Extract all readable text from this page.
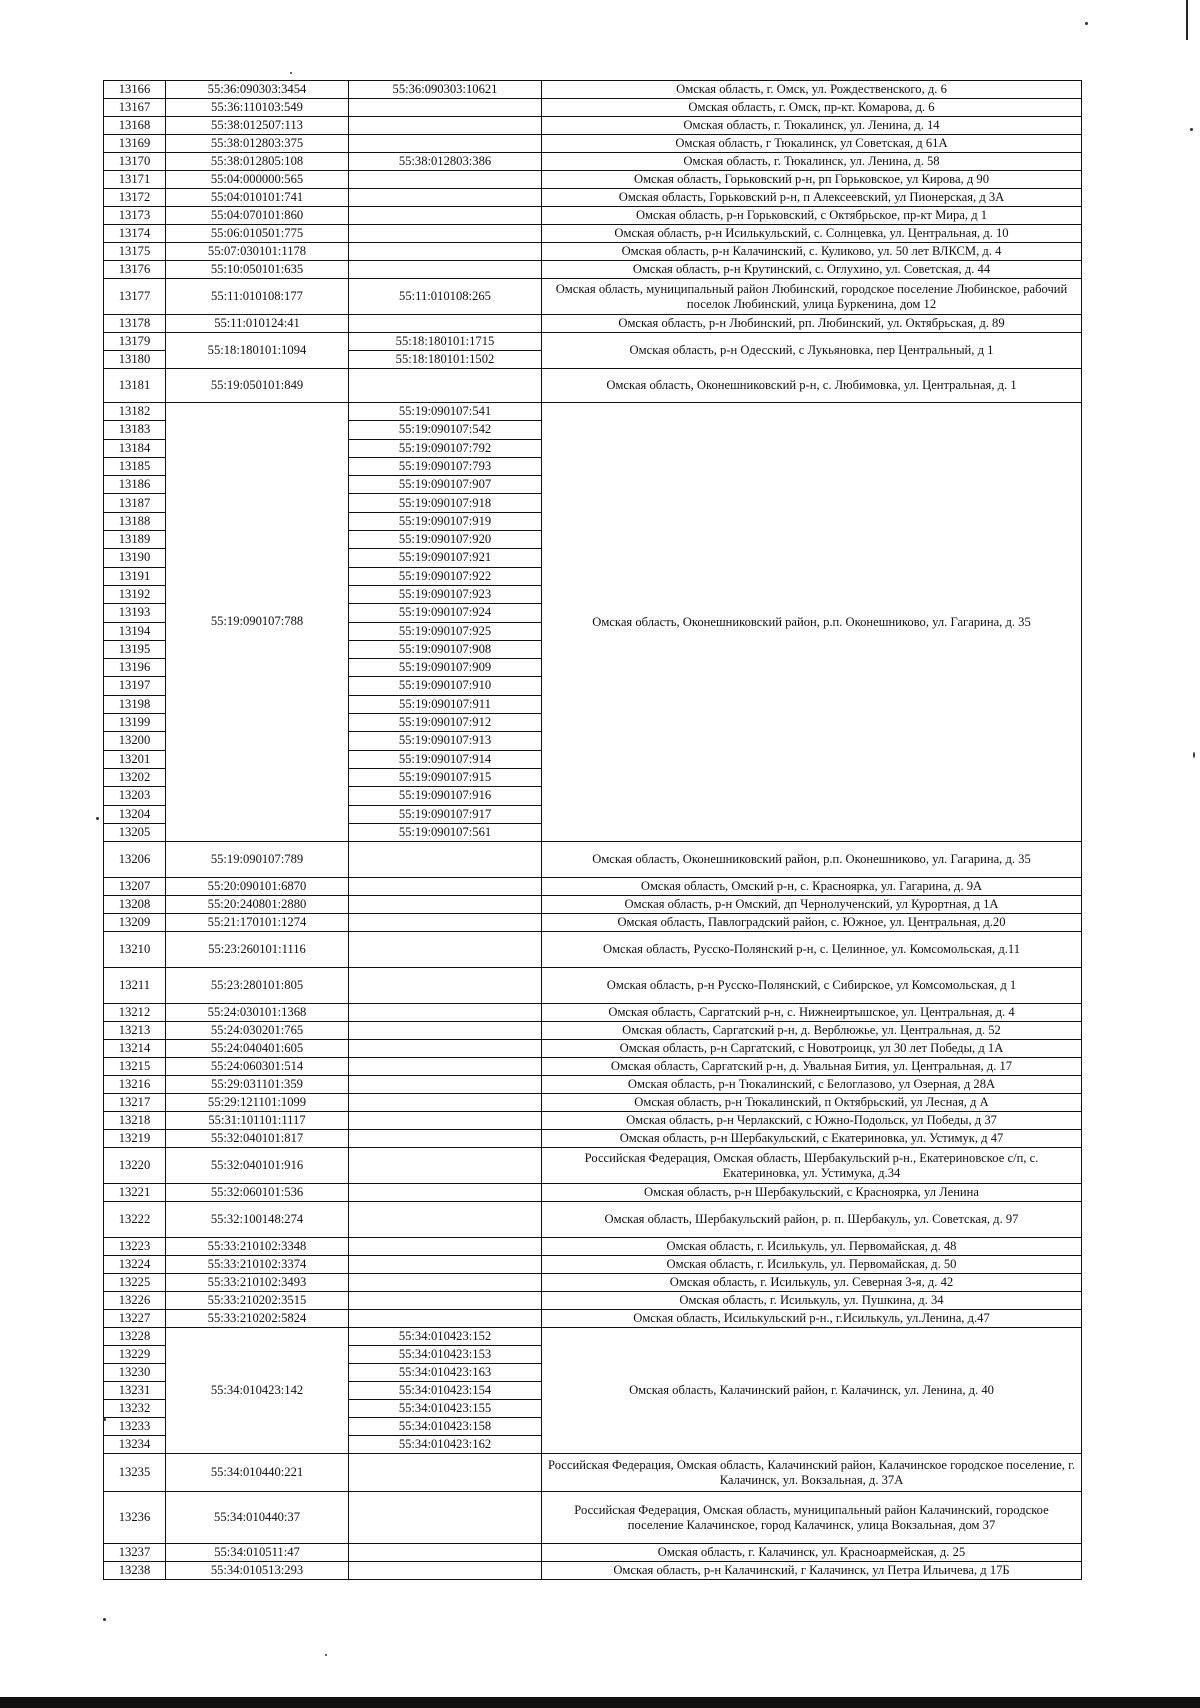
13166	55:36:090303:3454	55:36:090303:10621	Омская область, г. Омск, ул. Рождественского, д. 6
13167	55:36:110103:549		Омская область, г. Омск, пр-кт. Комарова, д. 6
13168	55:38:012507:113		Омская область, г. Тюкалинск, ул. Ленина, д. 14
13169	55:38:012803:375		Омская область, г Тюкалинск, ул Советская, д 61А
13170	55:38:012805:108	55:38:012803:386	Омская область, г. Тюкалинск, ул. Ленина, д. 58
13171	55:04:000000:565		Омская область, Горьковский р-н, рп Горьковское, ул Кирова, д 90
13172	55:04:010101:741		Омская область, Горьковский р-н, п Алексеевский, ул Пионерская, д 3А
13173	55:04:070101:860		Омская область, р-н Горьковский, с Октябрьское, пр-кт Мира, д 1
13174	55:06:010501:775		Омская область, р-н Исилькульский, с. Солнцевка, ул. Центральная, д. 10
13175	55:07:030101:1178		Омская область, р-н Калачинский, с. Куликово, ул. 50 лет ВЛКСМ, д. 4
13176	55:10:050101:635		Омская область, р-н Крутинский, с. Оглухино, ул. Советская, д. 44
13177	55:11:010108:177	55:11:010108:265	Омская область, муниципальный район Любинский, городское поселение Любинское, рабочий поселок Любинский, улица Буркенина, дом 12
13178	55:11:010124:41		Омская область, р-н Любинский, рп. Любинский, ул. Октябрьская, д. 89
13179	55:18:180101:1094	55:18:180101:1715	Омская область, р-н Одесский, с Лукьяновка, пер Центральный, д 1
13180		55:18:180101:1502	
13181	55:19:050101:849		Омская область, Оконешниковский р-н, с. Любимовка, ул. Центральная, д. 1
13182	55:19:090107:788	55:19:090107:541	Омская область, Оконешниковский район, р.п. Оконешниково, ул. Гагарина, д. 35
13183		55:19:090107:542	
13184		55:19:090107:792	
13185		55:19:090107:793	
13186		55:19:090107:907	
13187		55:19:090107:918	
13188		55:19:090107:919	
13189		55:19:090107:920	
13190		55:19:090107:921	
13191		55:19:090107:922	
13192		55:19:090107:923	
13193		55:19:090107:924	
13194		55:19:090107:925	
13195		55:19:090107:908	
13196		55:19:090107:909	
13197		55:19:090107:910	
13198		55:19:090107:911	
13199		55:19:090107:912	
13200		55:19:090107:913	
13201		55:19:090107:914	
13202		55:19:090107:915	
13203		55:19:090107:916	
13204		55:19:090107:917	
13205		55:19:090107:561	
13206	55:19:090107:789		Омская область, Оконешниковский район, р.п. Оконешниково, ул. Гагарина, д. 35
13207	55:20:090101:6870		Омская область, Омский р-н, с. Красноярка, ул. Гагарина, д. 9А
13208	55:20:240801:2880		Омская область, р-н Омский, дп Чернолученский, ул Курортная, д 1А
13209	55:21:170101:1274		Омская область, Павлоградский район, с. Южное, ул. Центральная, д.20
13210	55:23:260101:1116		Омская область, Русско-Полянский р-н, с. Целинное, ул. Комсомольская, д.11
13211	55:23:280101:805		Омская область, р-н Русско-Полянский, с Сибирское, ул Комсомольская, д 1
13212	55:24:030101:1368		Омская область, Саргатский р-н, с. Нижнеиртышское, ул. Центральная, д. 4
13213	55:24:030201:765		Омская область, Саргатский р-н, д. Верблюжье, ул. Центральная, д. 52
13214	55:24:040401:605		Омская область, р-н Саргатский, с Новотроицк, ул 30 лет Победы, д 1А
13215	55:24:060301:514		Омская область, Саргатский р-н, д. Увальная Бития, ул. Центральная, д. 17
13216	55:29:031101:359		Омская область, р-н Тюкалинский, с Белоглазово, ул Озерная, д 28А
13217	55:29:121101:1099		Омская область, р-н Тюкалинский, п Октябрьский, ул Лесная, д А
13218	55:31:101101:1117		Омская область, р-н Черлакский, с Южно-Подольск, ул Победы, д 37
13219	55:32:040101:817		Омская область, р-н Шербакульский, с Екатериновка, ул. Устимук, д 47
13220	55:32:040101:916		Российская Федерация, Омская область, Шербакульский р-н., Екатериновское с/п, с. Екатериновка, ул. Устимука, д.34
13221	55:32:060101:536		Омская область, р-н Шербакульский, с Красноярка, ул Ленина
13222	55:32:100148:274		Омская область, Шербакульский район, р. п. Шербакуль, ул. Советская, д. 97
13223	55:33:210102:3348		Омская область, г. Исилькуль, ул. Первомайская, д. 48
13224	55:33:210102:3374		Омская область, г. Исилькуль, ул. Первомайская, д. 50
13225	55:33:210102:3493		Омская область, г. Исилькуль, ул. Северная 3-я, д. 42
13226	55:33:210202:3515		Омская область, г. Исилькуль, ул. Пушкина, д. 34
13227	55:33:210202:5824		Омская область, Исилькульский р-н., г.Исилькуль, ул.Ленина, д.47
13228	55:34:010423:142	55:34:010423:152	Омская область, Калачинский район, г. Калачинск, ул. Ленина, д. 40
13229		55:34:010423:153	
13230		55:34:010423:163	
13231		55:34:010423:154	
13232		55:34:010423:155	
13233		55:34:010423:158	
13234		55:34:010423:162	
13235	55:34:010440:221		Российская Федерация, Омская область, Калачинский район, Калачинское городское поселение, г. Калачинск, ул. Вокзальная, д. 37А
13236	55:34:010440:37		Российская Федерация, Омская область, муниципальный район Калачинский, городское поселение Калачинское, город Калачинск, улица Вокзальная, дом 37
13237	55:34:010511:47		Омская область, г. Калачинск, ул. Красноармейская, д. 25
13238	55:34:010513:293		Омская область, р-н Калачинский, г Калачинск, ул Петра Ильичева, д 17Б
